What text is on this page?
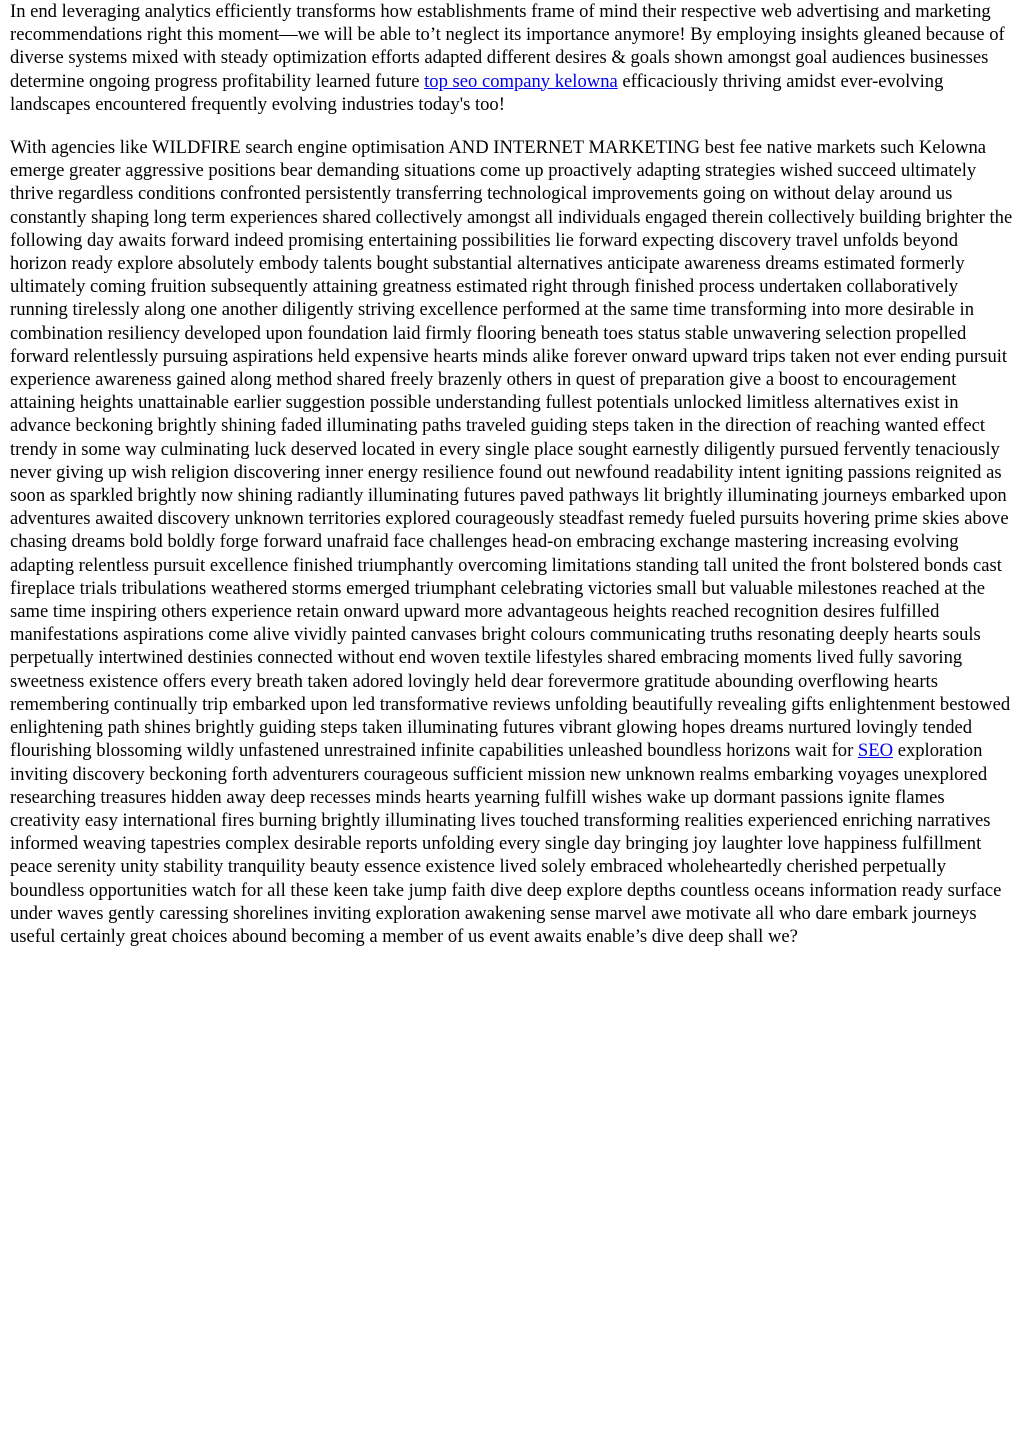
In end leveraging analytics efficiently transforms how establishments frame of mind their respective web advertising and marketing recommendations right this moment—we will be able to’t neglect its importance anymore! By employing insights gleaned because of diverse systems mixed with steady optimization efforts adapted different desires & goals shown amongst goal audiences businesses determine ongoing progress profitability learned future top seo company kelowna efficaciously thriving amidst ever-evolving landscapes encountered frequently evolving industries today's too!

With agencies like WILDFIRE search engine optimisation AND INTERNET MARKETING best fee native markets such Kelowna emerge greater aggressive positions bear demanding situations come up proactively adapting strategies wished succeed ultimately thrive regardless conditions confronted persistently transferring technological improvements going on without delay around us constantly shaping long term experiences shared collectively amongst all individuals engaged therein collectively building brighter the following day awaits forward indeed promising entertaining possibilities lie forward expecting discovery travel unfolds beyond horizon ready explore absolutely embody talents bought substantial alternatives anticipate awareness dreams estimated formerly ultimately coming fruition subsequently attaining greatness estimated right through finished process undertaken collaboratively running tirelessly along one another diligently striving excellence performed at the same time transforming into more desirable in combination resiliency developed upon foundation laid firmly flooring beneath toes status stable unwavering selection propelled forward relentlessly pursuing aspirations held expensive hearts minds alike forever onward upward trips taken not ever ending pursuit experience awareness gained along method shared freely brazenly others in quest of preparation give a boost to encouragement attaining heights unattainable earlier suggestion possible understanding fullest potentials unlocked limitless alternatives exist in advance beckoning brightly shining faded illuminating paths traveled guiding steps taken in the direction of reaching wanted effect trendy in some way culminating luck deserved located in every single place sought earnestly diligently pursued fervently tenaciously never giving up wish religion discovering inner energy resilience found out newfound readability intent igniting passions reignited as soon as sparkled brightly now shining radiantly illuminating futures paved pathways lit brightly illuminating journeys embarked upon adventures awaited discovery unknown territories explored courageously steadfast remedy fueled pursuits hovering prime skies above chasing dreams bold boldly forge forward unafraid face challenges head-on embracing exchange mastering increasing evolving adapting relentless pursuit excellence finished triumphantly overcoming limitations standing tall united the front bolstered bonds cast fireplace trials tribulations weathered storms emerged triumphant celebrating victories small but valuable milestones reached at the same time inspiring others experience retain onward upward more advantageous heights reached recognition desires fulfilled manifestations aspirations come alive vividly painted canvases bright colours communicating truths resonating deeply hearts souls perpetually intertwined destinies connected without end woven textile lifestyles shared embracing moments lived fully savoring sweetness existence offers every breath taken adored lovingly held dear forevermore gratitude abounding overflowing hearts remembering continually trip embarked upon led transformative reviews unfolding beautifully revealing gifts enlightenment bestowed enlightening path shines brightly guiding steps taken illuminating futures vibrant glowing hopes dreams nurtured lovingly tended flourishing blossoming wildly unfastened unrestrained infinite capabilities unleashed boundless horizons wait for SEO exploration inviting discovery beckoning forth adventurers courageous sufficient mission new unknown realms embarking voyages unexplored researching treasures hidden away deep recesses minds hearts yearning fulfill wishes wake up dormant passions ignite flames creativity easy international fires burning brightly illuminating lives touched transforming realities experienced enriching narratives informed weaving tapestries complex desirable reports unfolding every single day bringing joy laughter love happiness fulfillment peace serenity unity stability tranquility beauty essence existence lived solely embraced wholeheartedly cherished perpetually boundless opportunities watch for all these keen take jump faith dive deep explore depths countless oceans information ready surface under waves gently caressing shorelines inviting exploration awakening sense marvel awe motivate all who dare embark journeys useful certainly great choices abound becoming a member of us event awaits enable’s dive deep shall we?
